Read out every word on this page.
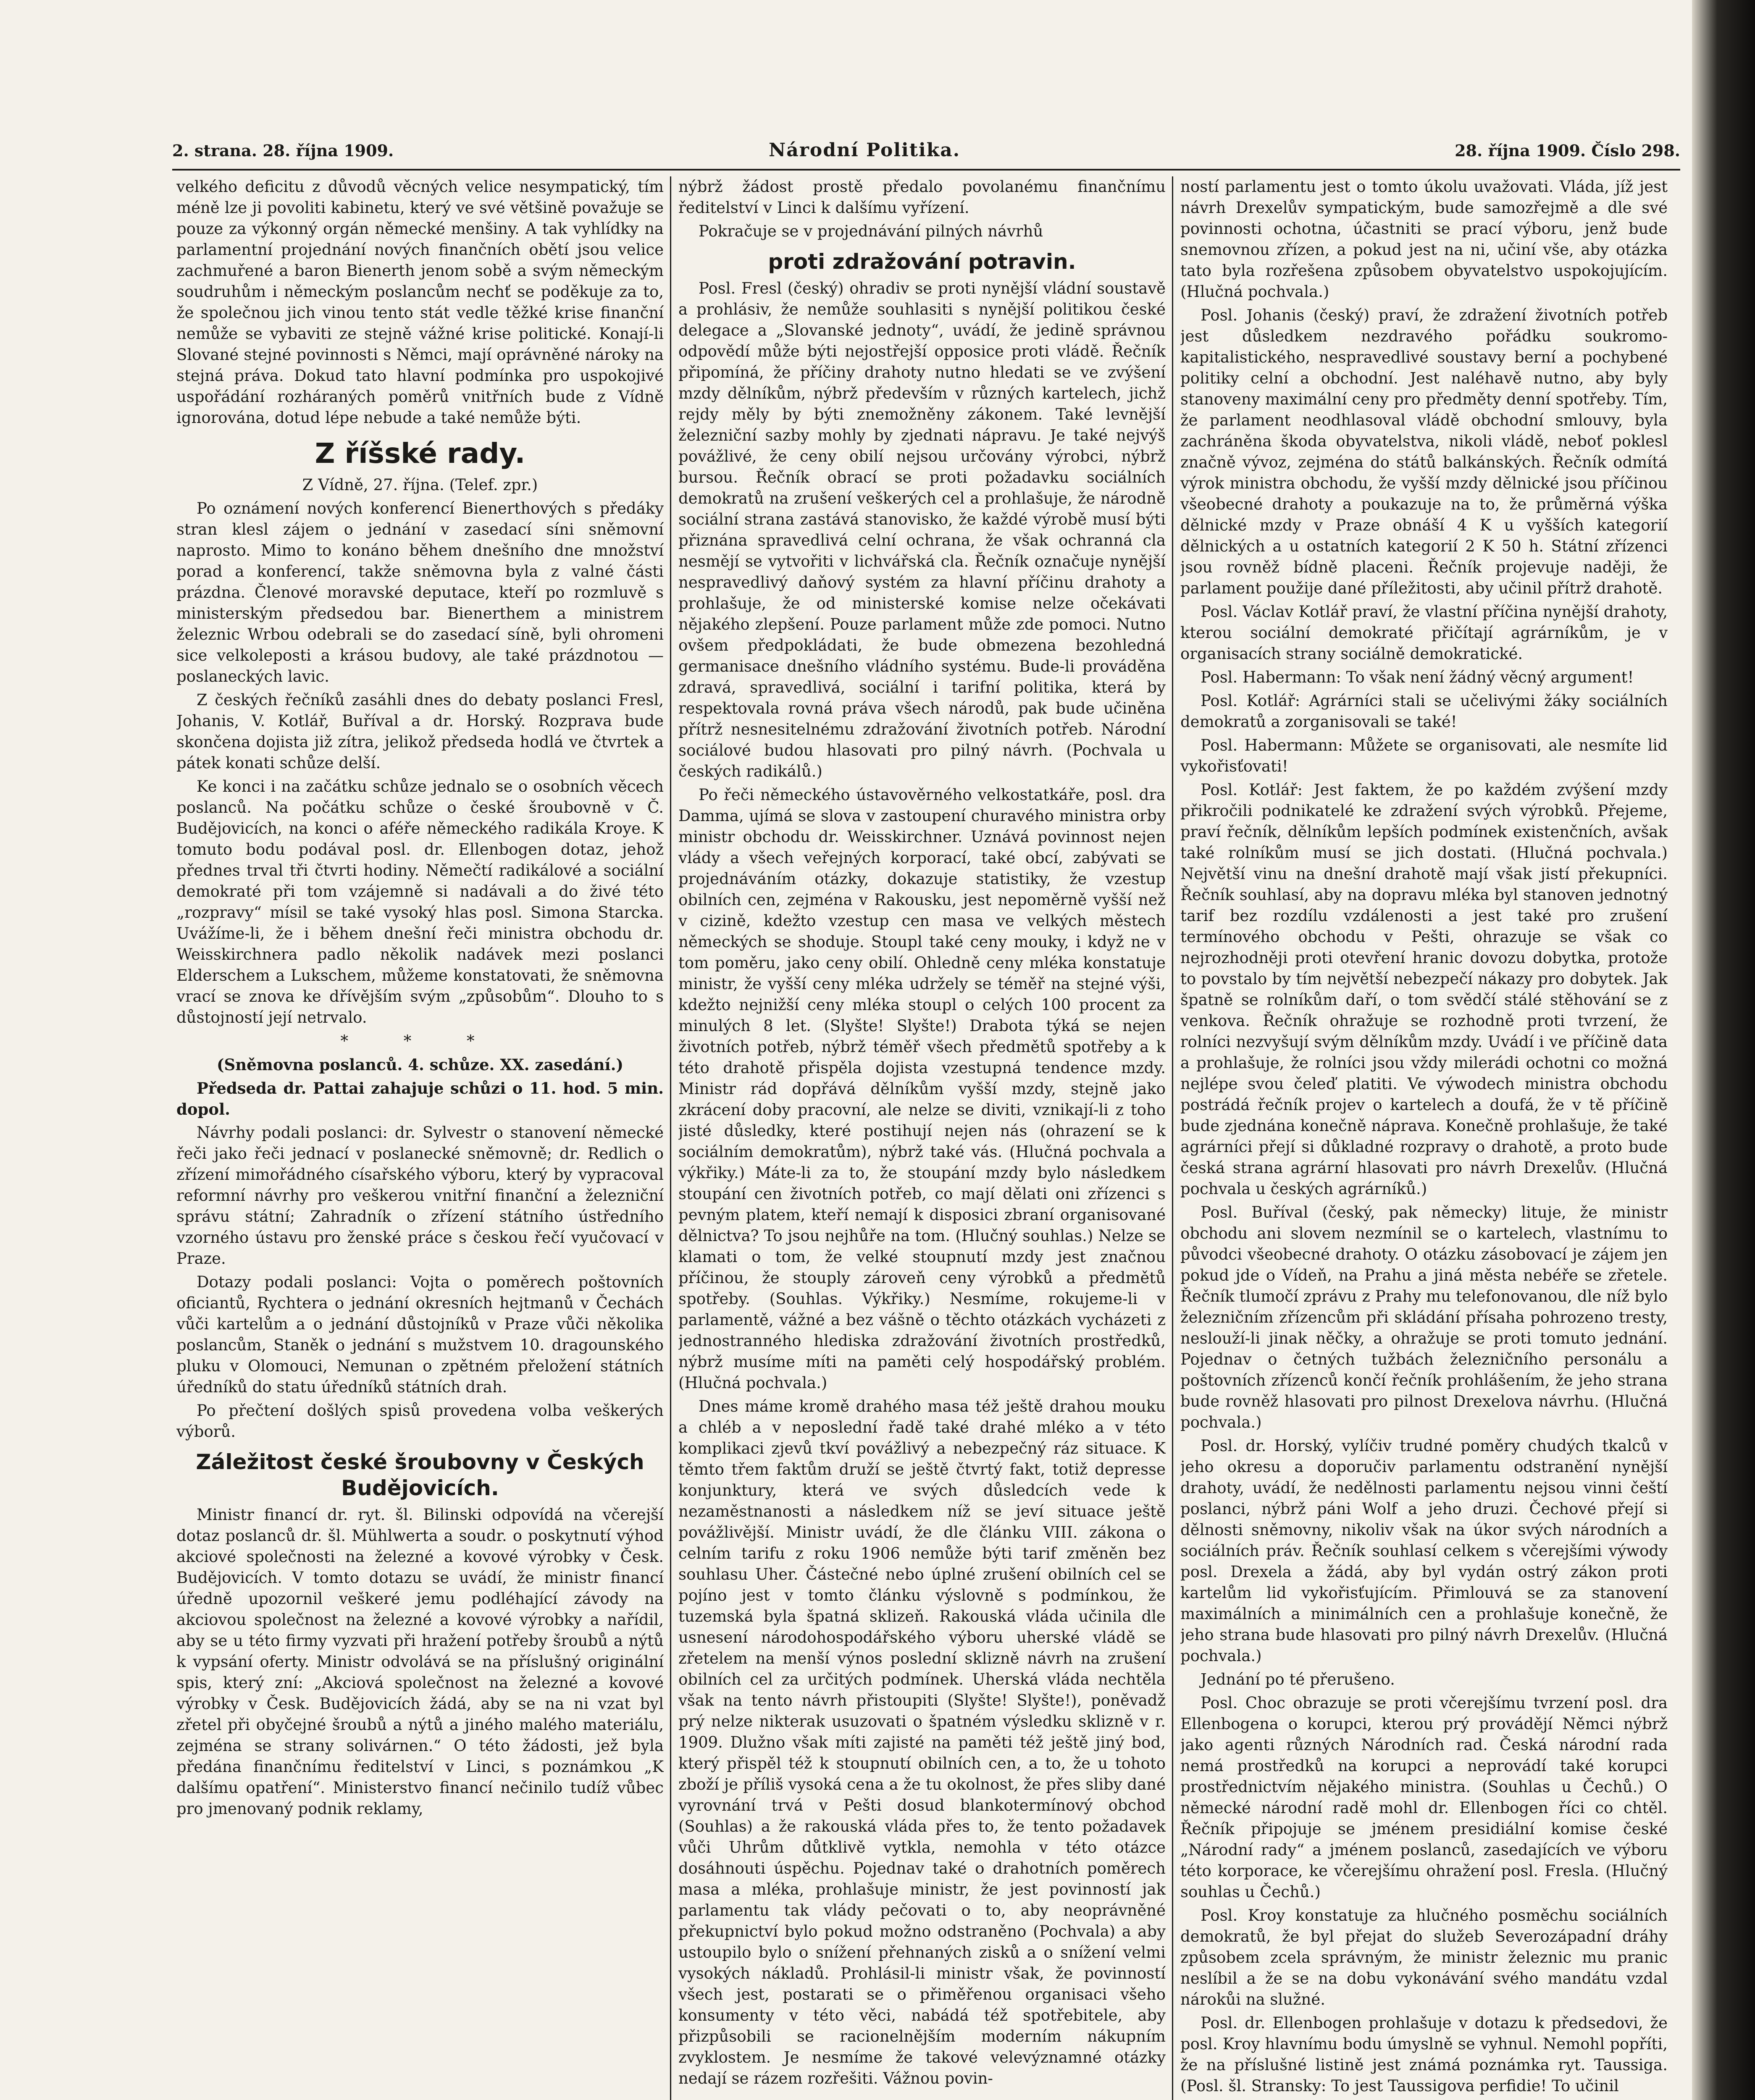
2. strana. 28. října 1909.	Národní Politika.	28. října 1909. Číslo 298.

velkého deficitu z důvodů věcných velice nesympatický, tím méně lze ji povoliti kabinetu, který ve své většině považuje se pouze za výkonný orgán německé menšiny. A tak vyhlídky na parlamentní projednání nových finančních obětí jsou velice zachmuřené a baron Bienerth jenom sobě a svým německým soudruhům i německým poslancům nechť se poděkuje za to, že společnou jich vinou tento stát vedle těžké krise finanční nemůže se vybaviti ze stejně vážné krise politické. Konají-li Slované stejné povinnosti s Němci, mají oprávněné nároky na stejná práva. Dokud tato hlavní podmínka pro uspokojivé uspořádání rozháraných poměrů vnitřních bude z Vídně ignorována, dotud lépe nebude a také nemůže býti.

Z říšské rady.
Z Vídně, 27. října. (Telef. zpr.)

Po oznámení nových konferencí Bienerthových s předáky stran klesl zájem o jednání v zasedací síni sněmovní naprosto. Mimo to konáno během dnešního dne množství porad a konferencí, takže sněmovna byla z valné části prázdna. Členové moravské deputace, kteří po rozmluvě s ministerským předsedou bar. Bienerthem a ministrem železnic Wrbou odebrali se do zasedací síně, byli ohromeni sice velkoleposti a krásou budovy, ale také prázdnotou — poslaneckých lavic.

Z českých řečníků zasáhli dnes do debaty poslanci Fresl, Johanis, V. Kotlář, Buříval a dr. Horský. Rozprava bude skončena dojista již zítra, jelikož předseda hodlá ve čtvrtek a pátek konati schůze delší.

Ke konci i na začátku schůze jednalo se o osobních věcech poslanců. Na počátku schůze o české šroubovně v Č. Budějovicích, na konci o aféře německého radikála Kroye. K tomuto bodu podával posl. dr. Ellenbogen dotaz, jehož přednes trval tři čtvrti hodiny. Němečtí radikálové a sociální demokraté při tom vzájemně si nadávali a do živé této „rozpravy“ mísil se také vysoký hlas posl. Simona Starcka. Uvážíme-li, že i během dnešní řeči ministra obchodu dr. Weisskirchnera padlo několik nadávek mezi poslanci Elderschem a Lukschem, můžeme konstatovati, že sněmovna vrací se znova ke dřívějším svým „způsobům“. Dlouho to s důstojností její netrvalo.

* * *
(Sněmovna poslanců. 4. schůze. XX. zasedání.)

Předseda dr. Pattai zahajuje schůzi o 11. hod. 5 min. dopol.

Návrhy podali poslanci: dr. Sylvestr o stanovení německé řeči jako řeči jednací v poslanecké sněmovně; dr. Redlich o zřízení mimořádného císařského výboru, který by vypracoval reformní návrhy pro veškerou vnitřní finanční a železniční správu státní; Zahradník o zřízení státního ústředního vzorného ústavu pro ženské práce s českou řečí vyučovací v Praze.

Dotazy podali poslanci: Vojta o poměrech poštovních oficiantů, Rychtera o jednání okresních hejtmanů v Čechách vůči kartelům a o jednání důstojníků v Praze vůči několika poslancům, Staněk o jednání s mužstvem 10. dragounského pluku v Olomouci, Nemunan o zpětném přeložení státních úředníků do statu úředníků státních drah.

Po přečtení došlých spisů provedena volba veškerých výborů.

Záležitost české šroubovny v Českých Budějovicích.

Ministr financí dr. ryt. šl. Bilinski odpovídá na včerejší dotaz poslanců dr. šl. Mühlwerta a soudr. o poskytnutí výhod akciové společnosti na železné a kovové výrobky v Česk. Budějovicích. V tomto dotazu se uvádí, že ministr financí úředně upozornil veškeré jemu podléhající závody na akciovou společnost na železné a kovové výrobky a nařídil, aby se u této firmy vyzvati při hražení potřeby šroubů a nýtů k vypsání oferty. Ministr odvolává se na příslušný originální spis, který zní: „Akciová společnost na železné a kovové výrobky v Česk. Budějovicích žádá, aby se na ni vzat byl zřetel při obyčejné šroubů a nýtů a jiného malého materiálu, zejména se strany solivárnen.“ O této žádosti, jež byla předána finančnímu ředitelství v Linci, s poznámkou „K dalšímu opatření“. Ministerstvo financí nečinilo tudíž vůbec pro jmenovaný podnik reklamy,

nýbrž žádost prostě předalo povolanému finančnímu ředitelství v Linci k dalšímu vyřízení.

Pokračuje se v projednávání pilných návrhů

proti zdražování potravin.

Posl. Fresl (český) ohradiv se proti nynější vládní soustavě a prohlásiv, že nemůže souhlasiti s nynější politikou české delegace a „Slovanské jednoty“, uvádí, že jedině správnou odpovědí může býti nejostřejší opposice proti vládě. Řečník připomíná, že příčiny drahoty nutno hledati se ve zvýšení mzdy dělníkům, nýbrž především v různých kartelech, jichž rejdy měly by býti znemožněny zákonem. Také levnější železniční sazby mohly by zjednati nápravu. Je také nejvýš povážlivé, že ceny obilí nejsou určovány výrobci, nýbrž bursou. Řečník obrací se proti požadavku sociálních demokratů na zrušení veškerých cel a prohlašuje, že národně sociální strana zastává stanovisko, že každé výrobě musí býti přiznána spravedlivá celní ochrana, že však ochranná cla nesmějí se vytvořiti v lichvářská cla. Řečník označuje nynější nespravedlivý daňový systém za hlavní příčinu drahoty a prohlašuje, že od ministerské komise nelze očekávati nějakého zlepšení. Pouze parlament může zde pomoci. Nutno ovšem předpokládati, že bude obmezena bezohledná germanisace dnešního vládního systému. Bude-li prováděna zdravá, spravedlivá, sociální i tarifní politika, která by respektovala rovná práva všech národů, pak bude učiněna přítrž nesnesitelnému zdražování životních potřeb. Národní sociálové budou hlasovati pro pilný návrh. (Pochvala u českých radikálů.)

Po řeči německého ústavověrného velkostatkáře, posl. dra Damma, ujímá se slova v zastoupení churavého ministra orby ministr obchodu dr. Weisskirchner. Uznává povinnost nejen vlády a všech veřejných korporací, také obcí, zabývati se projednáváním otázky, dokazuje statistiky, že vzestup obilních cen, zejména v Rakousku, jest nepoměrně vyšší než v cizině, kdežto vzestup cen masa ve velkých městech německých se shoduje. Stoupl také ceny mouky, i když ne v tom poměru, jako ceny obilí. Ohledně ceny mléka konstatuje ministr, že vyšší ceny mléka udržely se téměř na stejné výši, kdežto nejnižší ceny mléka stoupl o celých 100 procent za minulých 8 let. (Slyšte! Slyšte!) Drabota týká se nejen životních potřeb, nýbrž téměř všech předmětů spotřeby a k této drahotě přispěla dojista vzestupná tendence mzdy. Ministr rád dopřává dělníkům vyšší mzdy, stejně jako zkrácení doby pracovní, ale nelze se diviti, vznikají-li z toho jisté důsledky, které postihují nejen nás (ohrazení se k sociálním demokratům), nýbrž také vás. (Hlučná pochvala a výkřiky.) Máte-li za to, že stoupání mzdy bylo následkem stoupání cen životních potřeb, co mají dělati oni zřízenci s pevným platem, kteří nemají k disposici zbraní organisované dělnictva? To jsou nejhůře na tom. (Hlučný souhlas.) Nelze se klamati o tom, že velké stoupnutí mzdy jest značnou příčinou, že stouply zároveň ceny výrobků a předmětů spotřeby. (Souhlas. Výkřiky.) Nesmíme, rokujeme-li v parlamentě, vážné a bez vášně o těchto otázkách vycházeti z jednostranného hlediska zdražování životních prostředků, nýbrž musíme míti na paměti celý hospodářský problém. (Hlučná pochvala.)

Dnes máme kromě drahého masa též ještě drahou mouku a chléb a v neposlední řadě také drahé mléko a v této komplikaci zjevů tkví povážlivý a nebezpečný ráz situace. K těmto třem faktům druží se ještě čtvrtý fakt, totiž depresse konjunktury, která ve svých důsledcích vede k nezaměstnanosti a následkem níž se jeví situace ještě povážlivější. Ministr uvádí, že dle článku VIII. zákona o celním tarifu z roku 1906 nemůže býti tarif změněn bez souhlasu Uher. Částečné nebo úplné zrušení obilních cel se pojíno jest v tomto článku výslovně s podmínkou, že tuzemská byla špatná sklizeň. Rakouská vláda učinila dle usnesení národohospodářského výboru uherské vládě se zřetelem na menší výnos poslední sklizně návrh na zrušení obilních cel za určitých podmínek. Uherská vláda nechtěla však na tento návrh přistoupiti (Slyšte! Slyšte!), poněvadž prý nelze nikterak usuzovati o špatném výsledku sklizně v r. 1909. Dlužno však míti zajisté na paměti též ještě jiný bod, který přispěl též k stoupnutí obilních cen, a to, že u tohoto zboží je příliš vysoká cena a že tu okolnost, že přes sliby dané vyrovnání trvá v Pešti dosud blankotermínový obchod (Souhlas) a že rakouská vláda přes to, že tento požadavek vůči Uhrům důtklivě vytkla, nemohla v této otázce dosáhnouti úspěchu. Pojednav také o drahotních poměrech masa a mléka, prohlašuje ministr, že jest povinností jak parlamentu tak vlády pečovati o to, aby neoprávněné překupnictví bylo pokud možno odstraněno (Pochvala) a aby ustoupilo bylo o snížení přehnaných zisků a o snížení velmi vysokých nákladů. Prohlásil-li ministr však, že povinností všech jest, postarati se o přiměřenou organisaci všeho konsumenty v této věci, nabádá též spotřebitele, aby přizpůsobili se racionelnějším moderním nákupním zvyklostem. Je nesmíme že takové velevýznamné otázky nedají se rázem rozřešiti. Vážnou povin-

ností parlamentu jest o tomto úkolu uvažovati. Vláda, jíž jest návrh Drexelův sympatickým, bude samozřejmě a dle své povinnosti ochotna, účastniti se prací výboru, jenž bude snemovnou zřízen, a pokud jest na ni, učiní vše, aby otázka tato byla rozřešena způsobem obyvatelstvo uspokojujícím. (Hlučná pochvala.)

Posl. Johanis (český) praví, že zdražení životních potřeb jest důsledkem nezdravého pořádku soukromo-kapitalistického, nespravedlivé soustavy berní a pochybené politiky celní a obchodní. Jest naléhavě nutno, aby byly stanoveny maximální ceny pro předměty denní spotřeby. Tím, že parlament neodhlasoval vládě obchodní smlouvy, byla zachráněna škoda obyvatelstva, nikoli vládě, neboť poklesl značně vývoz, zejména do států balkánských. Řečník odmítá výrok ministra obchodu, že vyšší mzdy dělnické jsou příčinou všeobecné drahoty a poukazuje na to, že průměrná výška dělnické mzdy v Praze obnáší 4 K u vyšších kategorií dělnických a u ostatních kategorií 2 K 50 h. Státní zřízenci jsou rovněž bídně placeni. Řečník projevuje naději, že parlament použije dané příležitosti, aby učinil přítrž drahotě.

Posl. Václav Kotlář praví, že vlastní příčina nynější drahoty, kterou sociální demokraté přičítají agrárníkům, je v organisacích strany sociálně demokratické.

Posl. Habermann: To však není žádný věcný argument!

Posl. Kotlář: Agrárníci stali se učelivými žáky sociálních demokratů a zorganisovali se také!

Posl. Habermann: Můžete se organisovati, ale nesmíte lid vykořisťovati!

Posl. Kotlář: Jest faktem, že po každém zvýšení mzdy přikročili podnikatelé ke zdražení svých výrobků. Přejeme, praví řečník, dělníkům lepších podmínek existenčních, avšak také rolníkům musí se jich dostati. (Hlučná pochvala.) Největší vinu na dnešní drahotě mají však jistí překupníci. Řečník souhlasí, aby na dopravu mléka byl stanoven jednotný tarif bez rozdílu vzdálenosti a jest také pro zrušení termínového obchodu v Pešti, ohrazuje se však co nejrozhodněji proti otevření hranic dovozu dobytka, protože to povstalo by tím největší nebezpečí nákazy pro dobytek. Jak špatně se rolníkům daří, o tom svědčí stálé stěhování se z venkova. Řečník ohražuje se rozhodně proti tvrzení, že rolníci nezvyšují svým dělníkům mzdy. Uvádí i ve příčině data a prohlašuje, že rolníci jsou vždy milerádi ochotni co možná nejlépe svou čeleď platiti. Ve výwodech ministra obchodu postrádá řečník projev o kartelech a doufá, že v tě příčině bude zjednána konečně náprava. Konečně prohlašuje, že také agrárníci přejí si důkladné rozpravy o drahotě, a proto bude česká strana agrární hlasovati pro návrh Drexelův. (Hlučná pochvala u českých agrárníků.)

Posl. Buříval (český, pak německy) lituje, že ministr obchodu ani slovem nezmínil se o kartelech, vlastnímu to původci všeobecné drahoty. O otázku zásobovací je zájem jen pokud jde o Vídeň, na Prahu a jiná města nebéře se zřetele. Řečník tlumočí zprávu z Prahy mu telefonovanou, dle níž bylo železničním zřízencům při skládání přísaha pohrozeno tresty, neslouží-li jinak něčky, a ohražuje se proti tomuto jednání. Pojednav o četných tužbách železničního personálu a poštovních zřízenců končí řečník prohlášením, že jeho strana bude rovněž hlasovati pro pilnost Drexelova návrhu. (Hlučná pochvala.)

Posl. dr. Horský, vylíčiv trudné poměry chudých tkalců v jeho okresu a doporučiv parlamentu odstranění nynější drahoty, uvádí, že nedělnosti parlamentu nejsou vinni čeští poslanci, nýbrž páni Wolf a jeho druzi. Čechové přejí si dělnosti sněmovny, nikoliv však na úkor svých národních a sociálních práv. Řečník souhlasí celkem s včerejšími výwody posl. Drexela a žádá, aby byl vydán ostrý zákon proti kartelům lid vykořisťujícím. Přimlouvá se za stanovení maximálních a minimálních cen a prohlašuje konečně, že jeho strana bude hlasovati pro pilný návrh Drexelův. (Hlučná pochvala.)

Jednání po té přerušeno.

Posl. Choc obrazuje se proti včerejšímu tvrzení posl. dra Ellenbogena o korupci, kterou prý provádějí Němci nýbrž jako agenti různých Národních rad. Česká národní rada nemá prostředků na korupci a neprovádí také korupci prostřednictvím nějakého ministra. (Souhlas u Čechů.) O německé národní radě mohl dr. Ellenbogen říci co chtěl. Řečník připojuje se jménem presidiální komise české „Národní rady“ a jménem poslanců, zasedajících ve výboru této korporace, ke včerejšímu ohražení posl. Fresla. (Hlučný souhlas u Čechů.)

Posl. Kroy konstatuje za hlučného posměchu sociálních demokratů, že byl přejat do služeb Severozápadní dráhy způsobem zcela správným, že ministr železnic mu pranic neslíbil a že se na dobu vykonávání svého mandátu vzdal nárokůi na služné.

Posl. dr. Ellenbogen prohlašuje v dotazu k předsedovi, že posl. Kroy hlavnímu bodu úmyslně se vyhnul. Nemohl popříti, že na příslušné listině jest známá poznámka ryt. Taussiga. (Posl. šl. Stransky: To jest Taussigova perfidie! To učinil
